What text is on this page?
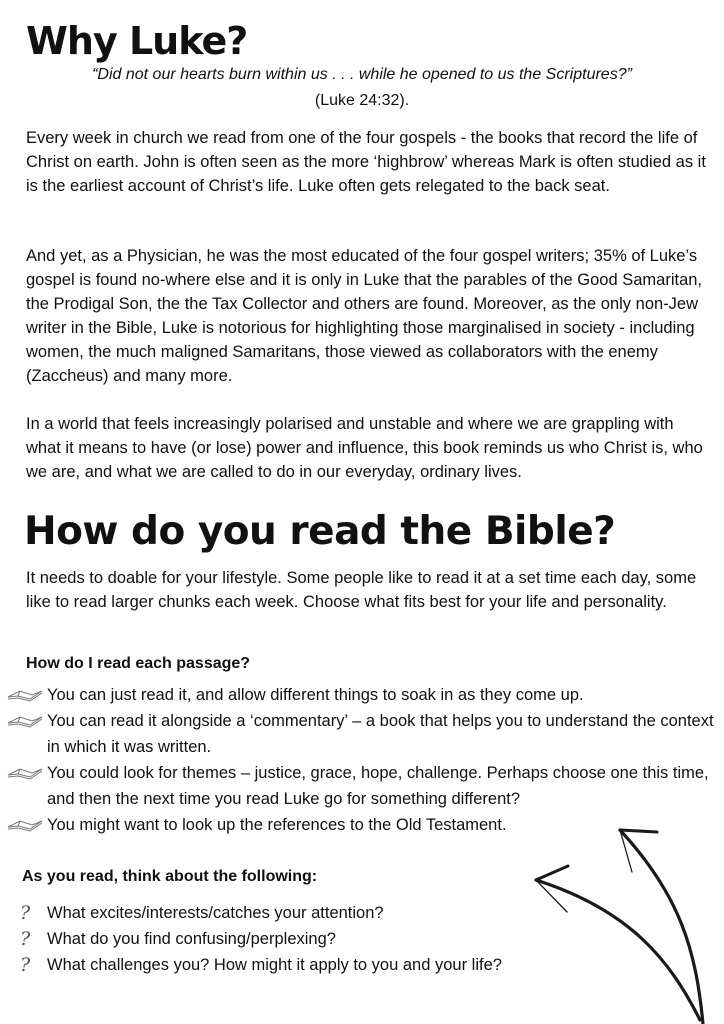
Why Luke?
“Did not our hearts burn within us . . . while he opened to us the Scriptures?”
(Luke 24:32).

Every week in church we read from one of the four gospels - the books that record the life of Christ on earth. John is often seen as the more ‘highbrow’ whereas Mark is often studied as it is the earliest account of Christ’s life. Luke often gets relegated to the back seat.

And yet, as a Physician, he was the most educated of the four gospel writers; 35% of Luke’s gospel is found no-where else and it is only in Luke that the parables of the Good Samaritan, the Prodigal Son, the the Tax Collector and others are found. Moreover, as the only non-Jew writer in the Bible, Luke is notorious for highlighting those marginalised in society - including women, the much maligned Samaritans, those viewed as collaborators with the enemy (Zaccheus) and many more.

In a world that feels increasingly polarised and unstable and where we are grappling with what it means to have (or lose) power and influence, this book reminds us who Christ is, who we are, and what we are called to do in our everyday, ordinary lives.

How do you read the Bible?

It needs to doable for your lifestyle. Some people like to read it at a set time each day, some like to read larger chunks each week. Choose what fits best for your life and personality.

How do I read each passage?
You can just read it, and allow different things to soak in as they come up.
You can read it alongside a ‘commentary’ – a book that helps you to understand the context in which it was written.
You could look for themes – justice, grace, hope, challenge. Perhaps choose one this time, and then the next time you read Luke go for something different?
You might want to look up the references to the Old Testament.
As you read, think about the following:
? What excites/interests/catches your attention?
? What do you find confusing/perplexing?
? What challenges you? How might it apply to you and your life?
